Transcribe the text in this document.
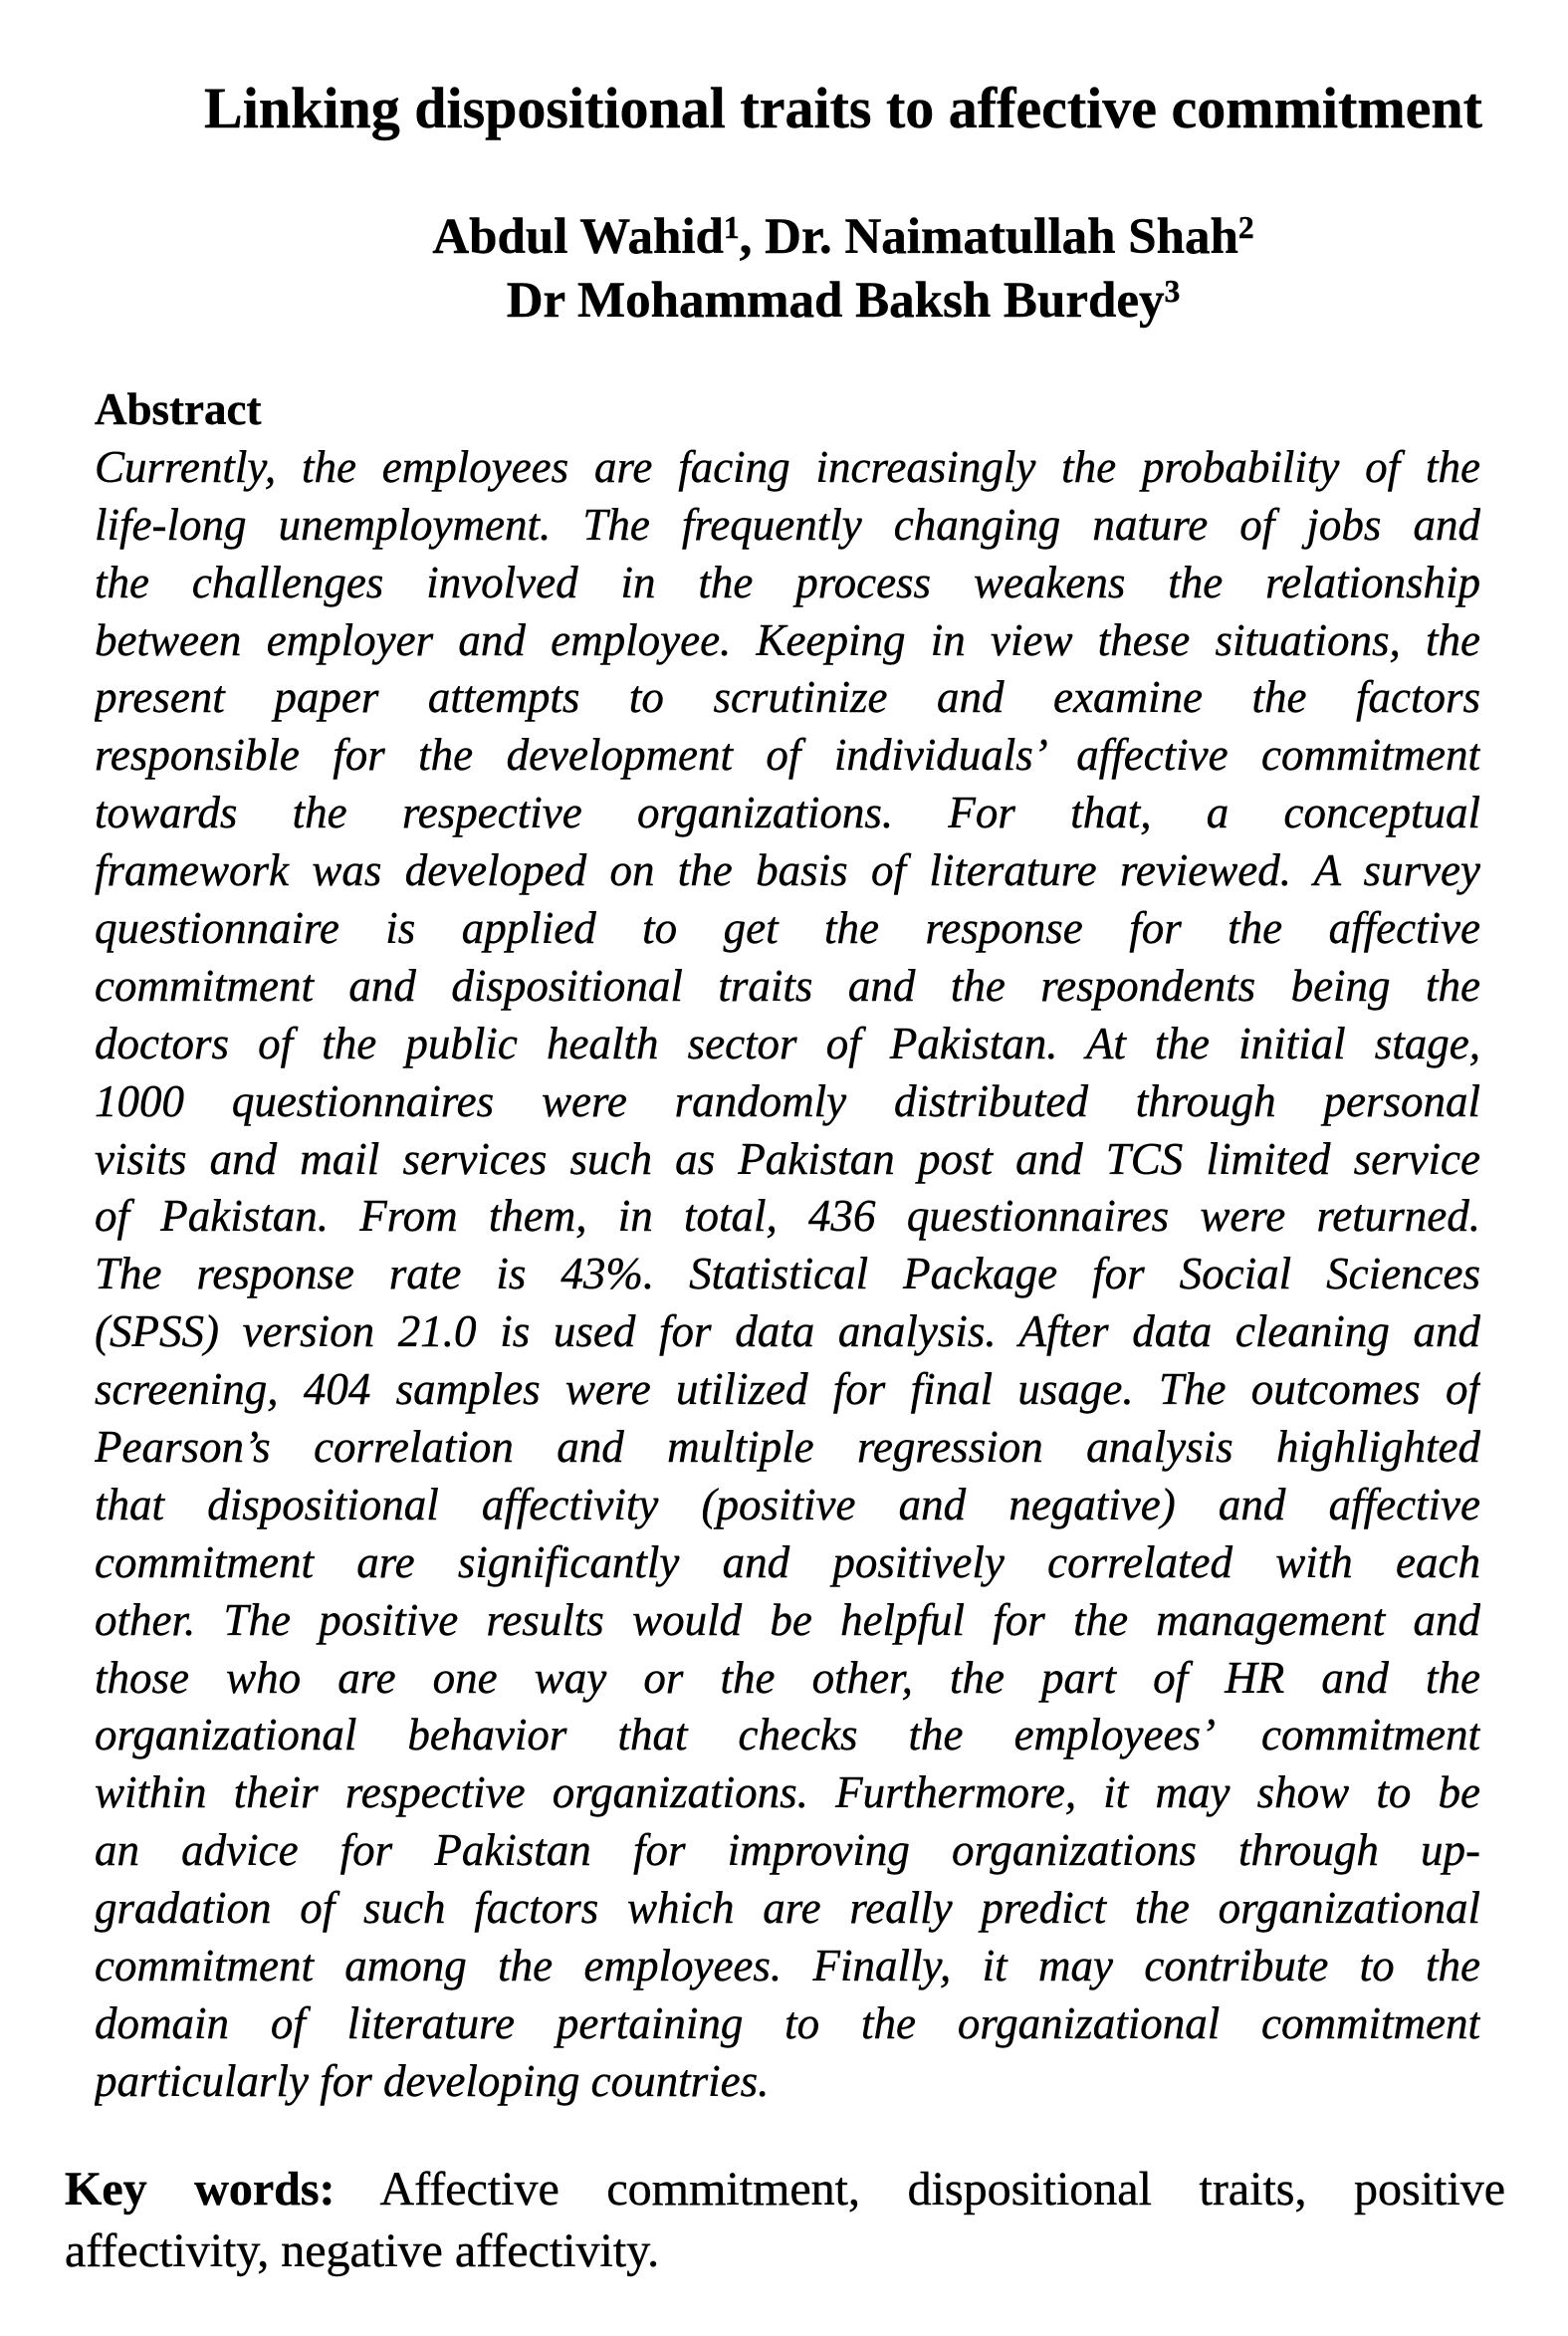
Linking dispositional traits to affective commitment
Abdul Wahid$^1$, Dr. Naimatullah Shah$^2$
Dr Mohammad Baksh Burdey$^3$
Abstract
Currently, the employees are facing increasingly the probability of the
life-long unemployment. The frequently changing nature of jobs and
the challenges involved in the process weakens the relationship
between employer and employee. Keeping in view these situations, the
present paper attempts to scrutinize and examine the factors
responsible for the development of individuals’ affective commitment
towards the respective organizations. For that, a conceptual
framework was developed on the basis of literature reviewed. A survey
questionnaire is applied to get the response for the affective
commitment and dispositional traits and the respondents being the
doctors of the public health sector of Pakistan. At the initial stage,
1000 questionnaires were randomly distributed through personal
visits and mail services such as Pakistan post and TCS limited service
of Pakistan. From them, in total, 436 questionnaires were returned.
The response rate is 43%. Statistical Package for Social Sciences
(SPSS) version 21.0 is used for data analysis. After data cleaning and
screening, 404 samples were utilized for final usage. The outcomes of
Pearson’s correlation and multiple regression analysis highlighted
that dispositional affectivity (positive and negative) and affective
commitment are significantly and positively correlated with each
other. The positive results would be helpful for the management and
those who are one way or the other, the part of HR and the
organizational behavior that checks the employees’ commitment
within their respective organizations. Furthermore, it may show to be
an advice for Pakistan for improving organizations through up-
gradation of such factors which are really predict the organizational
commitment among the employees. Finally, it may contribute to the
domain of literature pertaining to the organizational commitment
particularly for developing countries.
Key words: Affective commitment, dispositional traits, positive
affectivity, negative affectivity.
